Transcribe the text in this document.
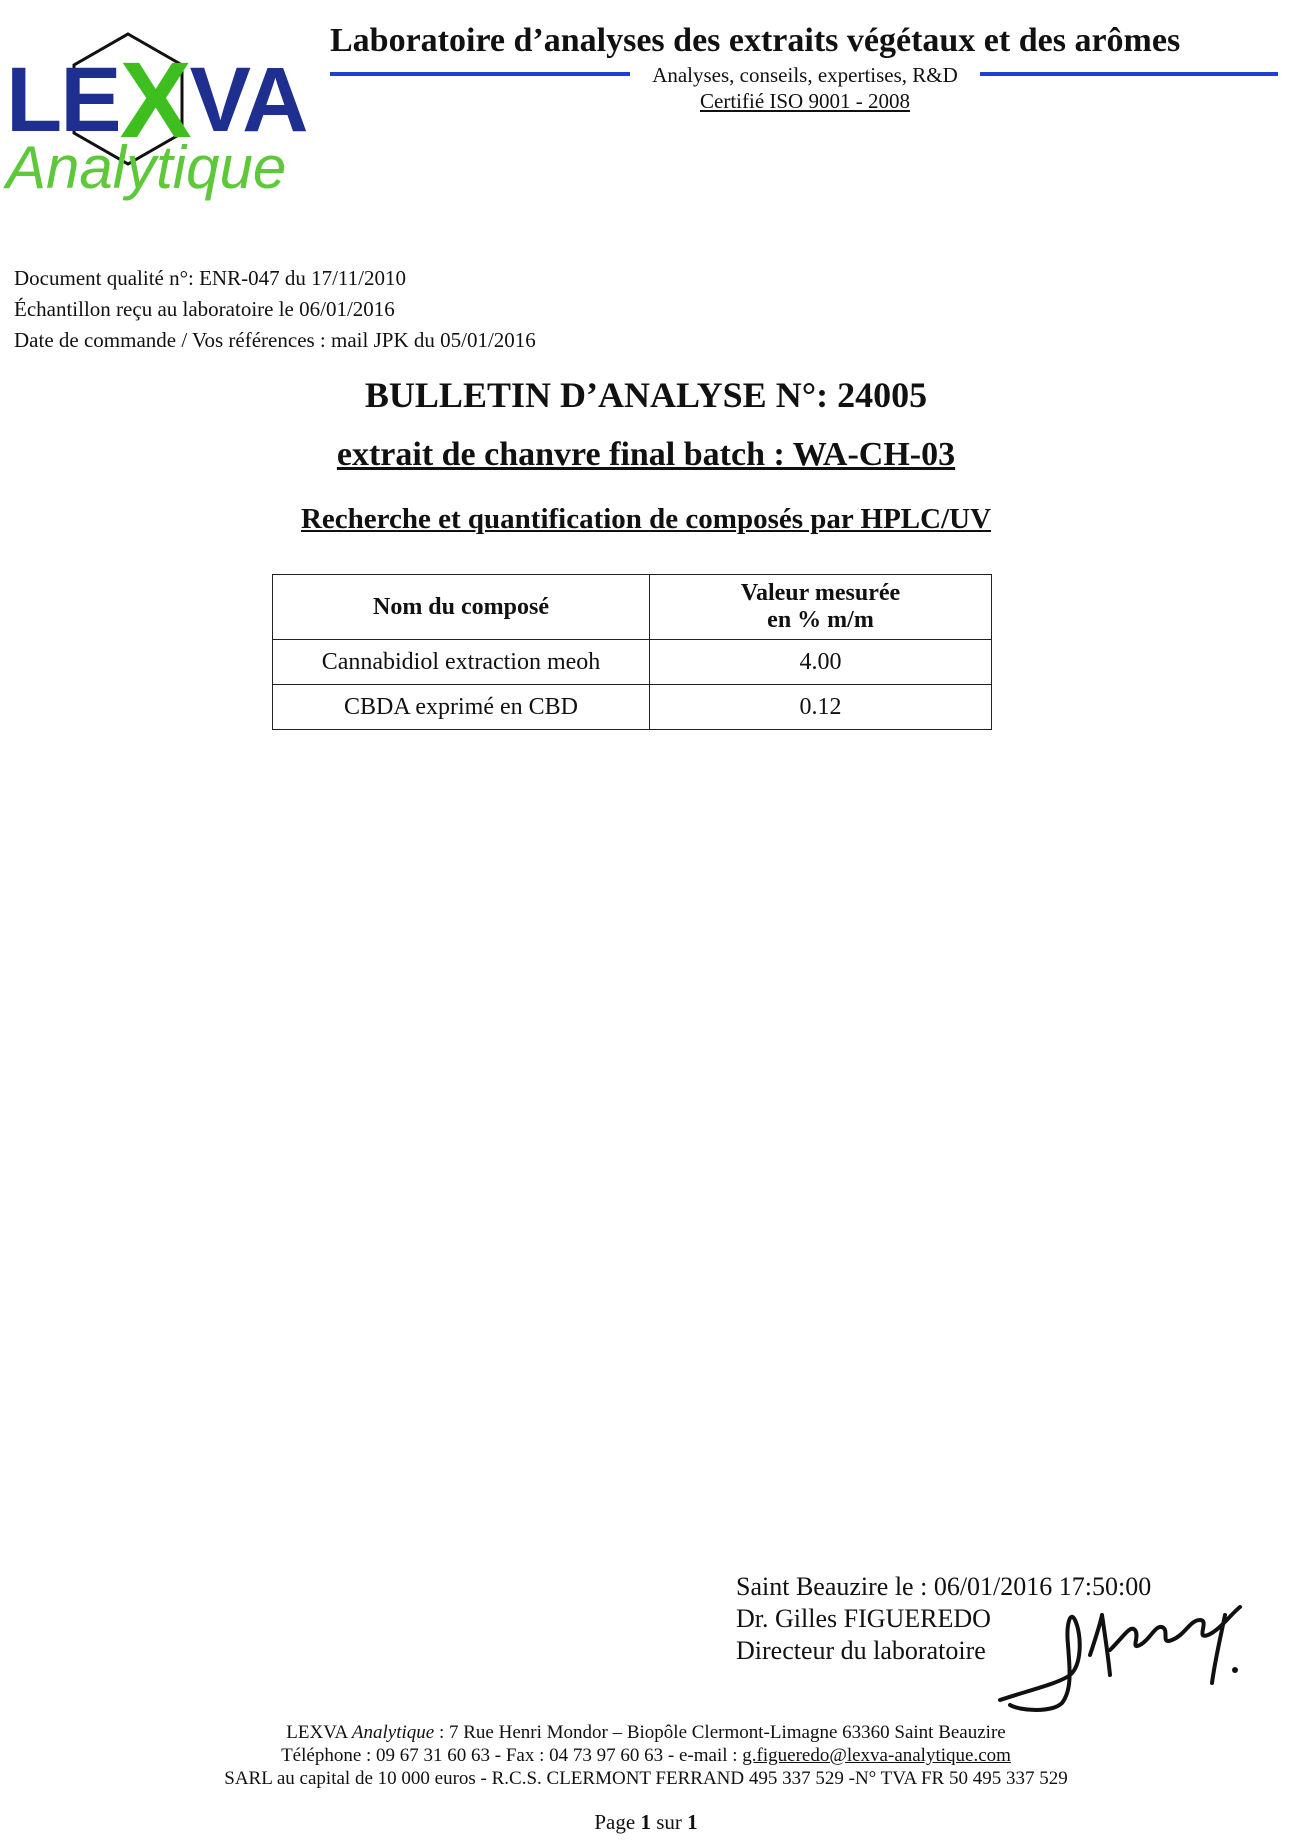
LEXVA
Analytique
Laboratoire d’analyses des extraits végétaux et des arômes
Analyses, conseils, expertises, R&D
Certifié ISO 9001 - 2008
Document qualité n°: ENR-047 du 17/11/2010
Échantillon reçu au laboratoire le 06/01/2016
Date de commande / Vos références : mail JPK du 05/01/2016
BULLETIN D’ANALYSE N°: 24005
extrait de chanvre final batch : WA-CH-03
Recherche et quantification de composés par HPLC/UV
Nom du composé	Valeur mesurée
en % m/m
Cannabidiol extraction meoh	4.00
CBDA exprimé en CBD	0.12
Saint Beauzire le : 06/01/2016 17:50:00
Dr. Gilles FIGUEREDO
Directeur du laboratoire
LEXVA Analytique : 7 Rue Henri Mondor – Biopôle Clermont-Limagne 63360 Saint Beauzire
Téléphone : 09 67 31 60 63 - Fax : 04 73 97 60 63 - e-mail : g.figueredo@lexva-analytique.com
SARL au capital de 10 000 euros - R.C.S. CLERMONT FERRAND 495 337 529 -N° TVA FR 50 495 337 529
Page 1 sur 1
